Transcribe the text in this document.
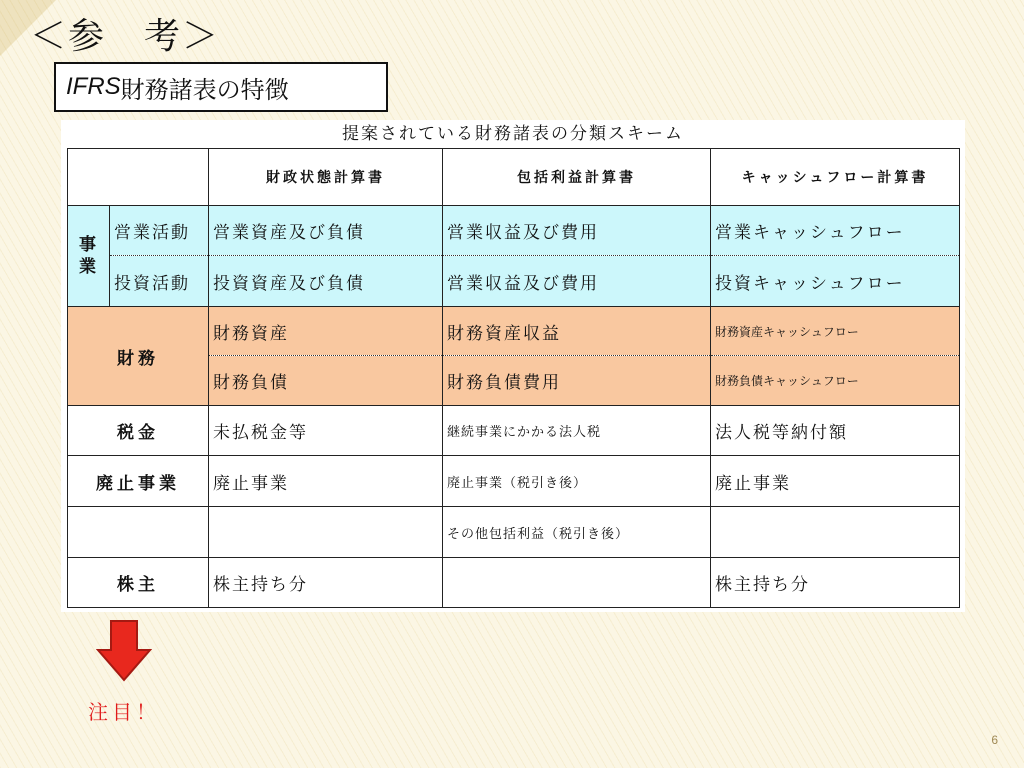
＜参　考＞
IFRS 財務諸表の特徴
提案されている財務諸表の分類スキーム
		財政状態計算書	包括利益計算書	キャッシュフロー計算書

事
業	営業活動	営業資産及び負債	営業収益及び費用	営業キャッシュフロー
	投資活動	投資資産及び負債	営業収益及び費用	投資キャッシュフロー
財務		財務資産	財務資産収益	財務資産キャッシュフロー
		財務負債	財務負債費用	財務負債キャッシュフロー
税金		未払税金等	継続事業にかかる法人税	法人税等納付額
廃止事業		廃止事業	廃止事業（税引き後）	廃止事業
			その他包括利益（税引き後）	
株主		株主持ち分		株主持ち分
注目！
6
